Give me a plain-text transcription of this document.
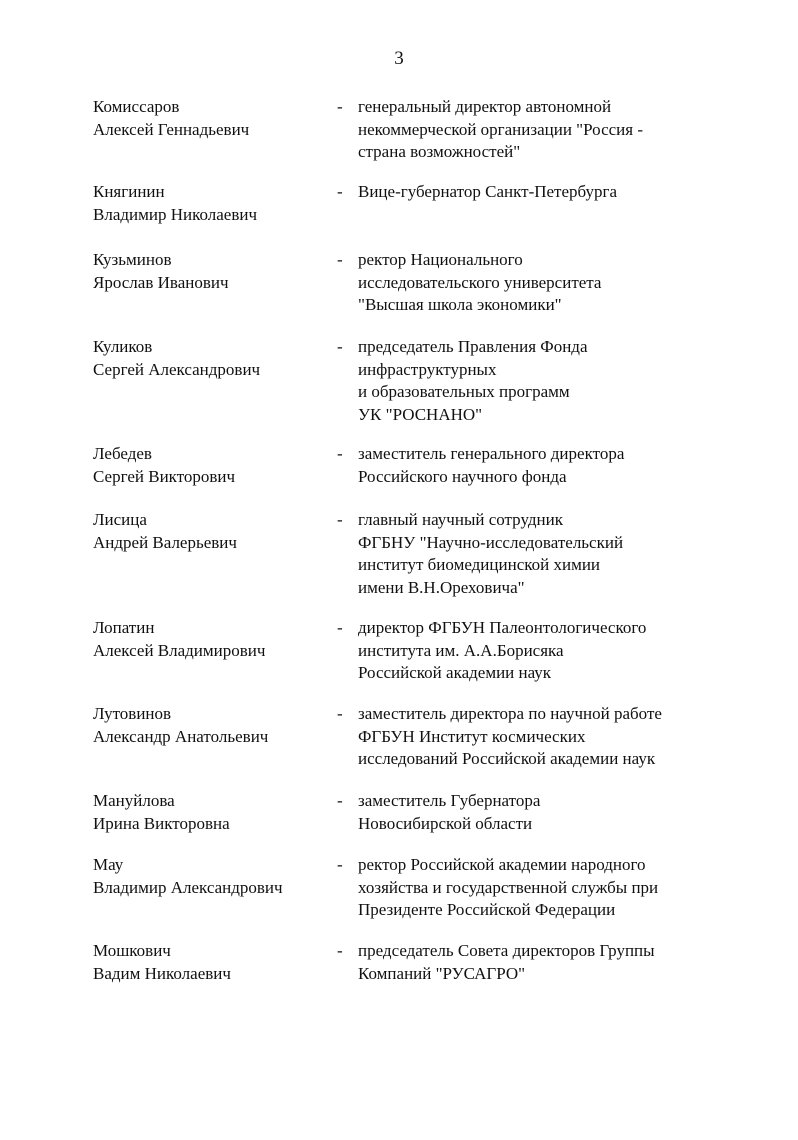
3
Комиссаров
Алексей Геннадьевич
- генеральный директор автономной
некоммерческой организации "Россия -
страна возможностей"
Княгинин
Владимир Николаевич
- Вице-губернатор Санкт-Петербурга
Кузьминов
Ярослав Иванович
- ректор Национального
исследовательского университета
"Высшая школа экономики"
Куликов
Сергей Александрович
- председатель Правления Фонда
инфраструктурных
и образовательных программ
УК "РОСНАНО"
Лебедев
Сергей Викторович
- заместитель генерального директора
Российского научного фонда
Лисица
Андрей Валерьевич
- главный научный сотрудник
ФГБНУ "Научно-исследовательский
институт биомедицинской химии
имени В.Н.Ореховича"
Лопатин
Алексей Владимирович
- директор ФГБУН Палеонтологического
института им. А.А.Борисяка
Российской академии наук
Лутовинов
Александр Анатольевич
- заместитель директора по научной работе
ФГБУН Институт космических
исследований Российской академии наук
Мануйлова
Ирина Викторовна
- заместитель Губернатора
Новосибирской области
Мау
Владимир Александрович
- ректор Российской академии народного
хозяйства и государственной службы при
Президенте Российской Федерации
Мошкович
Вадим Николаевич
- председатель Совета директоров Группы
Компаний "РУСАГРО"
